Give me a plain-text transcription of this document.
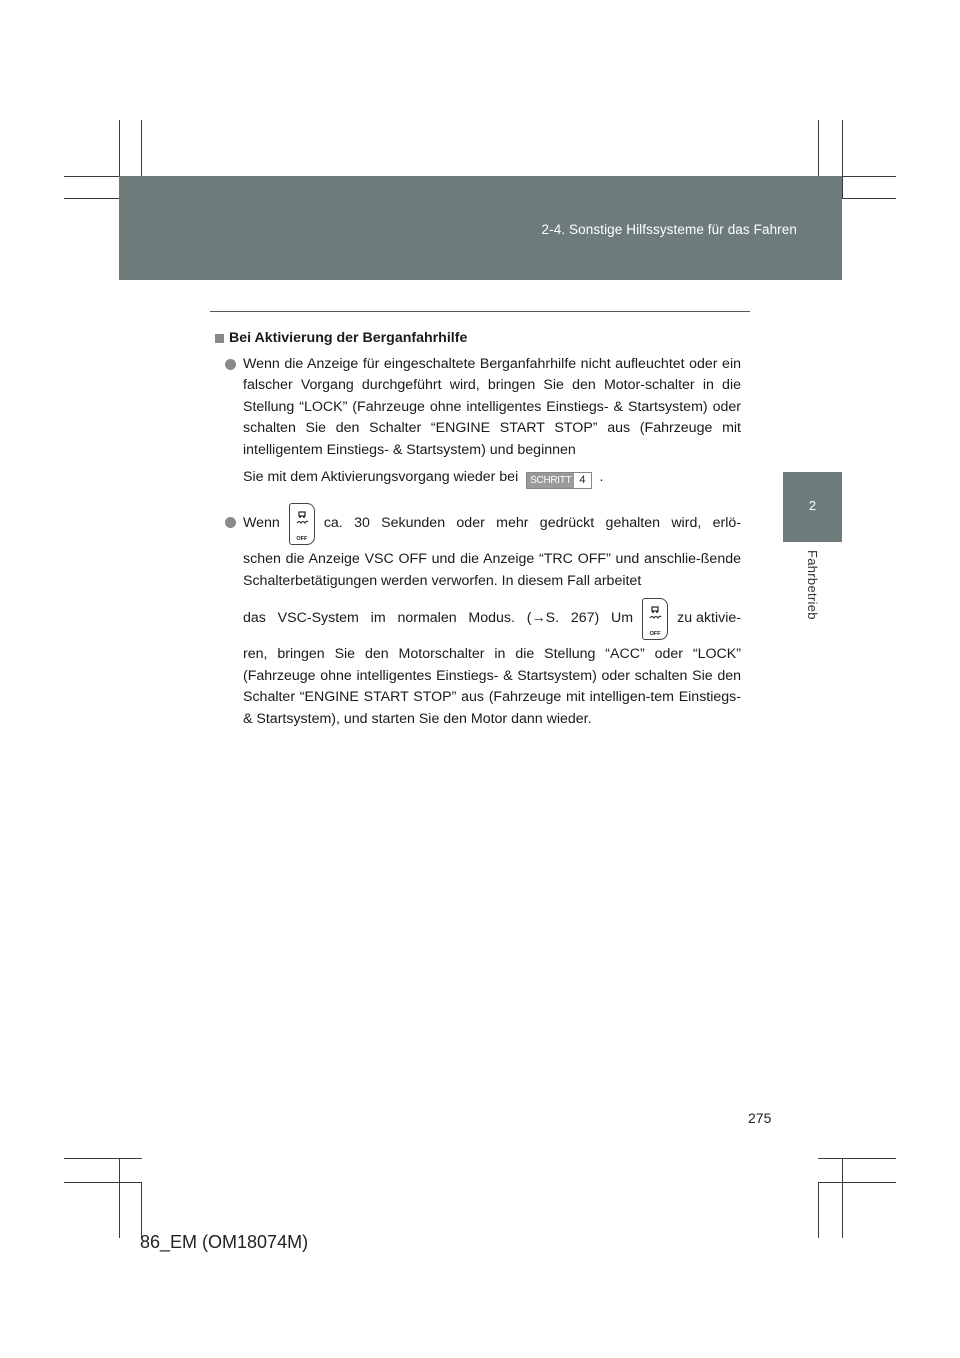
2-4. Sonstige Hilfssysteme für das Fahren
2
Fahrbetrieb
Bei Aktivierung der Berganfahrhilfe
Wenn die Anzeige für eingeschaltete Berganfahrhilfe nicht aufleuchtet oder ein falscher Vorgang durchgeführt wird, bringen Sie den Motor-schalter in die Stellung “LOCK” (Fahrzeuge ohne intelligentes Einstiegs- & Startsystem) oder schalten Sie den Schalter “ENGINE START STOP” aus (Fahrzeuge mit intelligentem Einstiegs- & Startsystem) und beginnen
Sie mit dem Aktivierungsvorgang wieder bei	SCHRITT 4 .
Wenn
OFF
ca. 30 Sekunden oder mehr gedrückt gehalten wird, erlö-
schen die Anzeige VSC OFF und die Anzeige “TRC OFF” und anschlie-ßende Schalterbetätigungen werden verworfen. In diesem Fall arbeitet
das VSC-System im normalen Modus. (→S. 267) Um
OFF
zu aktivie-
ren, bringen Sie den Motorschalter in die Stellung “ACC” oder “LOCK” (Fahrzeuge ohne intelligentes Einstiegs- & Startsystem) oder schalten Sie den Schalter “ENGINE START STOP” aus (Fahrzeuge mit intelligen-tem Einstiegs- & Startsystem), und starten Sie den Motor dann wieder.
275
86_EM (OM18074M)
